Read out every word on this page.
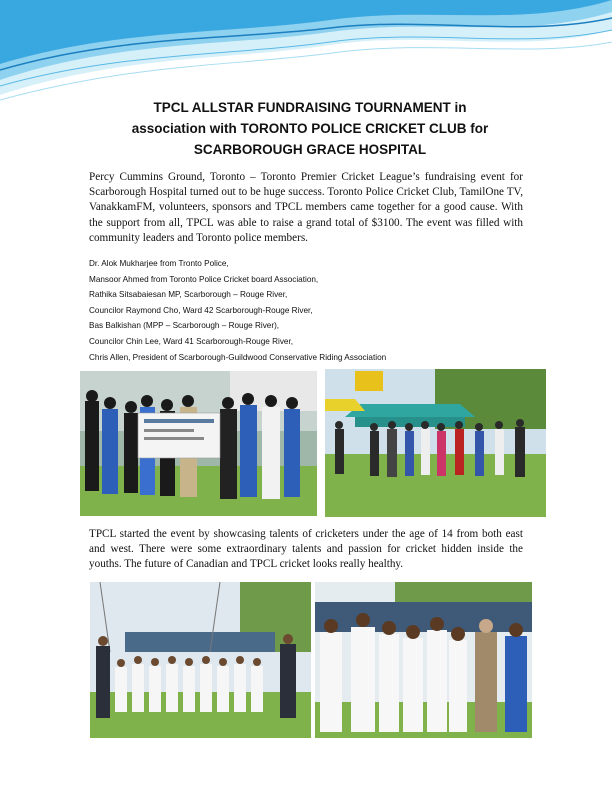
TPCL ALLSTAR FUNDRAISING TOURNAMENT in
association with TORONTO POLICE CRICKET CLUB for
SCARBOROUGH GRACE HOSPITAL
Percy Cummins Ground, Toronto – Toronto Premier Cricket League’s fundraising event for Scarborough Hospital turned out to be huge success. Toronto Police Cricket Club, TamilOne TV, VanakkamFM, volunteers, sponsors and TPCL members came together for a good cause. With the support from all, TPCL was able to raise a grand total of $3100. The event was filled with community leaders and Toronto police members.
Dr. Alok Mukharjee from Tronto Police,
Mansoor Ahmed from Toronto Police Cricket board Association,
Rathika Sitsabaiesan MP, Scarborough – Rouge River,
Councilor Raymond Cho, Ward 42 Scarborough-Rouge River,
Bas Balkishan (MPP – Scarborough – Rouge River),
Councilor Chin Lee, Ward 41 Scarborough-Rouge River,
Chris Allen, President of Scarborough-Guildwood Conservative Riding Association
TPCL started the event by showcasing talents of cricketers under the age of 14 from both east and west. There were some extraordinary talents and passion for cricket hidden inside the youths. The future of Canadian and TPCL cricket looks really healthy.
